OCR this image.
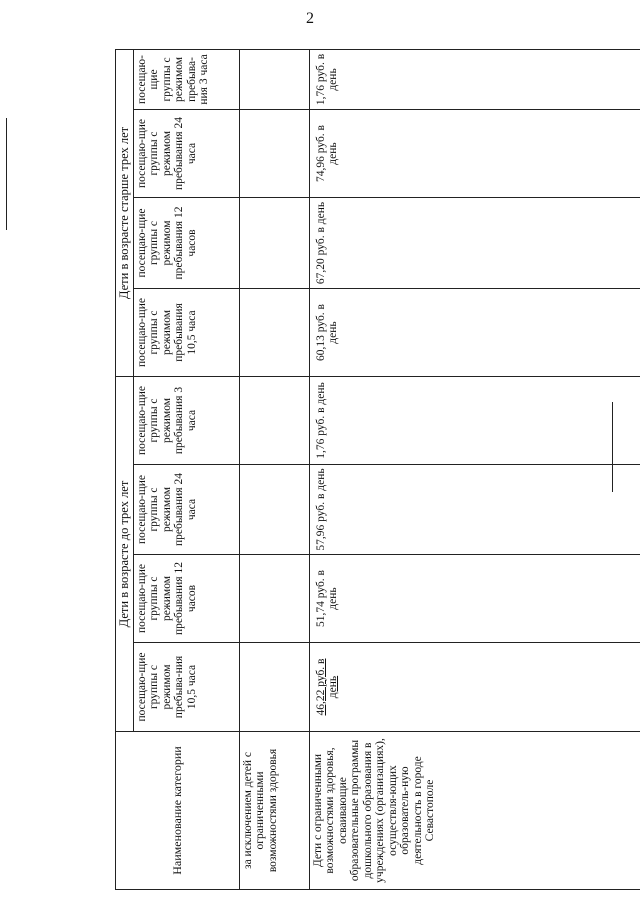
2
Наименование категории	Дети в возрасте до трех лет				Дети в возрасте старше трех лет			
	посещаю-щие группы с режимом пребыва-ния 10,5 часа	посещаю-щие группы с режимом пребывания 12 часов	посещаю-щие группы с режимом пребывания 24 часа	посещаю-щие группы с режимом пребывания 3 часа	посещаю-щие группы с режимом пребывания 10,5 часа	посещаю-щие группы с режимом пребывания 12 часов	посещаю-щие группы с режимом пребывания 24 часа	посещаю-щие группы с режимом пребыва-ния 3 часа
за исключением детей с ограниченными возможностями здоровья								
Дети с ограниченными возможностями здоровья, осваивающие образовательные программы дошкольного образования в учреждениях (организациях), осуществля-ющих образователь-ную деятельность в городе Севастополе	46,22 руб. в день	51,74 руб. в день	57,96 руб. в день	1,76 руб. в день	60,13 руб. в день	67,20 руб. в день	74,96 руб. в день	1,76 руб. в день
